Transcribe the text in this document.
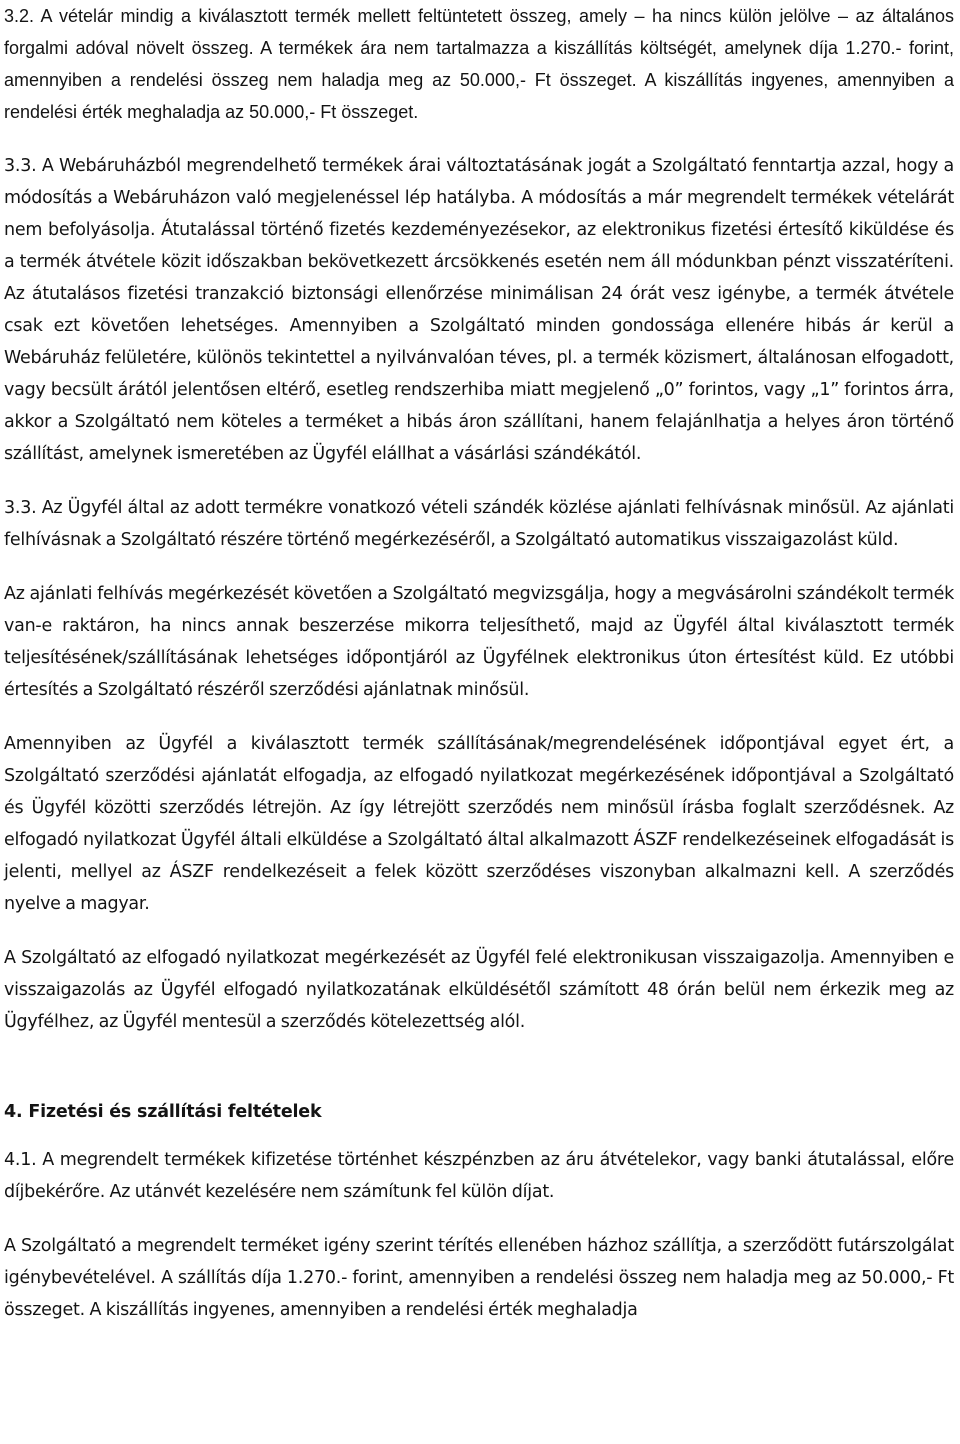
3.2. A vételár mindig a kiválasztott termék mellett feltüntetett összeg, amely – ha nincs külön jelölve – az általános forgalmi adóval növelt összeg. A termékek ára nem tartalmazza a kiszállítás költségét, amelynek díja 1.270.- forint, amennyiben a rendelési összeg nem haladja meg az 50.000,- Ft összeget. A kiszállítás ingyenes, amennyiben a rendelési érték meghaladja az 50.000,- Ft összeget.

3.3. A Webáruházból megrendelhető termékek árai változtatásának jogát a Szolgáltató fenntartja azzal, hogy a módosítás a Webáruházon való megjelenéssel lép hatályba. A módosítás a már megrendelt termékek vételárát nem befolyásolja. Átutalással történő fizetés kezdeményezésekor, az elektronikus fizetési értesítő kiküldése és a termék átvétele közit időszakban bekövetkezett árcsökkenés esetén nem áll módunkban pénzt visszatéríteni. Az átutalásos fizetési tranzakció biztonsági ellenőrzése minimálisan 24 órát vesz igénybe, a termék átvétele csak ezt követően lehetséges. Amennyiben a Szolgáltató minden gondossága ellenére hibás ár kerül a Webáruház felületére, különös tekintettel a nyilvánvalóan téves, pl. a termék közismert, általánosan elfogadott, vagy becsült árától jelentősen eltérő, esetleg rendszerhiba miatt megjelenő „0” forintos, vagy „1” forintos árra, akkor a Szolgáltató nem köteles a terméket a hibás áron szállítani, hanem felajánlhatja a helyes áron történő szállítást, amelynek ismeretében az Ügyfél elállhat a vásárlási szándékától.

3.3. Az Ügyfél által az adott termékre vonatkozó vételi szándék közlése ajánlati felhívásnak minősül. Az ajánlati felhívásnak a Szolgáltató részére történő megérkezéséről, a Szolgáltató automatikus visszaigazolást küld.

Az ajánlati felhívás megérkezését követően a Szolgáltató megvizsgálja, hogy a megvásárolni szándékolt termék van-e raktáron, ha nincs annak beszerzése mikorra teljesíthető, majd az Ügyfél által kiválasztott termék teljesítésének/szállításának lehetséges időpontjáról az Ügyfélnek elektronikus úton értesítést küld. Ez utóbbi értesítés a Szolgáltató részéről szerződési ajánlatnak minősül.

Amennyiben az Ügyfél a kiválasztott termék szállításának/megrendelésének időpontjával egyet ért, a Szolgáltató szerződési ajánlatát elfogadja, az elfogadó nyilatkozat megérkezésének időpontjával a Szolgáltató és Ügyfél közötti szerződés létrejön. Az így létrejött szerződés nem minősül írásba foglalt szerződésnek. Az elfogadó nyilatkozat Ügyfél általi elküldése a Szolgáltató által alkalmazott ÁSZF rendelkezéseinek elfogadását is jelenti, mellyel az ÁSZF rendelkezéseit a felek között szerződéses viszonyban alkalmazni kell. A szerződés nyelve a magyar.

A Szolgáltató az elfogadó nyilatkozat megérkezését az Ügyfél felé elektronikusan visszaigazolja. Amennyiben e visszaigazolás az Ügyfél elfogadó nyilatkozatának elküldésétől számított 48 órán belül nem érkezik meg az Ügyfélhez, az Ügyfél mentesül a szerződés kötelezettség alól.

4. Fizetési és szállítási feltételek

4.1. A megrendelt termékek kifizetése történhet készpénzben az áru átvételekor, vagy banki átutalással, előre díjbekérőre. Az utánvét kezelésére nem számítunk fel külön díjat.

A Szolgáltató a megrendelt terméket igény szerint térítés ellenében házhoz szállítja, a szerződött futárszolgálat igénybevételével. A szállítás díja 1.270.- forint, amennyiben a rendelési összeg nem haladja meg az 50.000,- Ft összeget. A kiszállítás ingyenes, amennyiben a rendelési érték meghaladja
